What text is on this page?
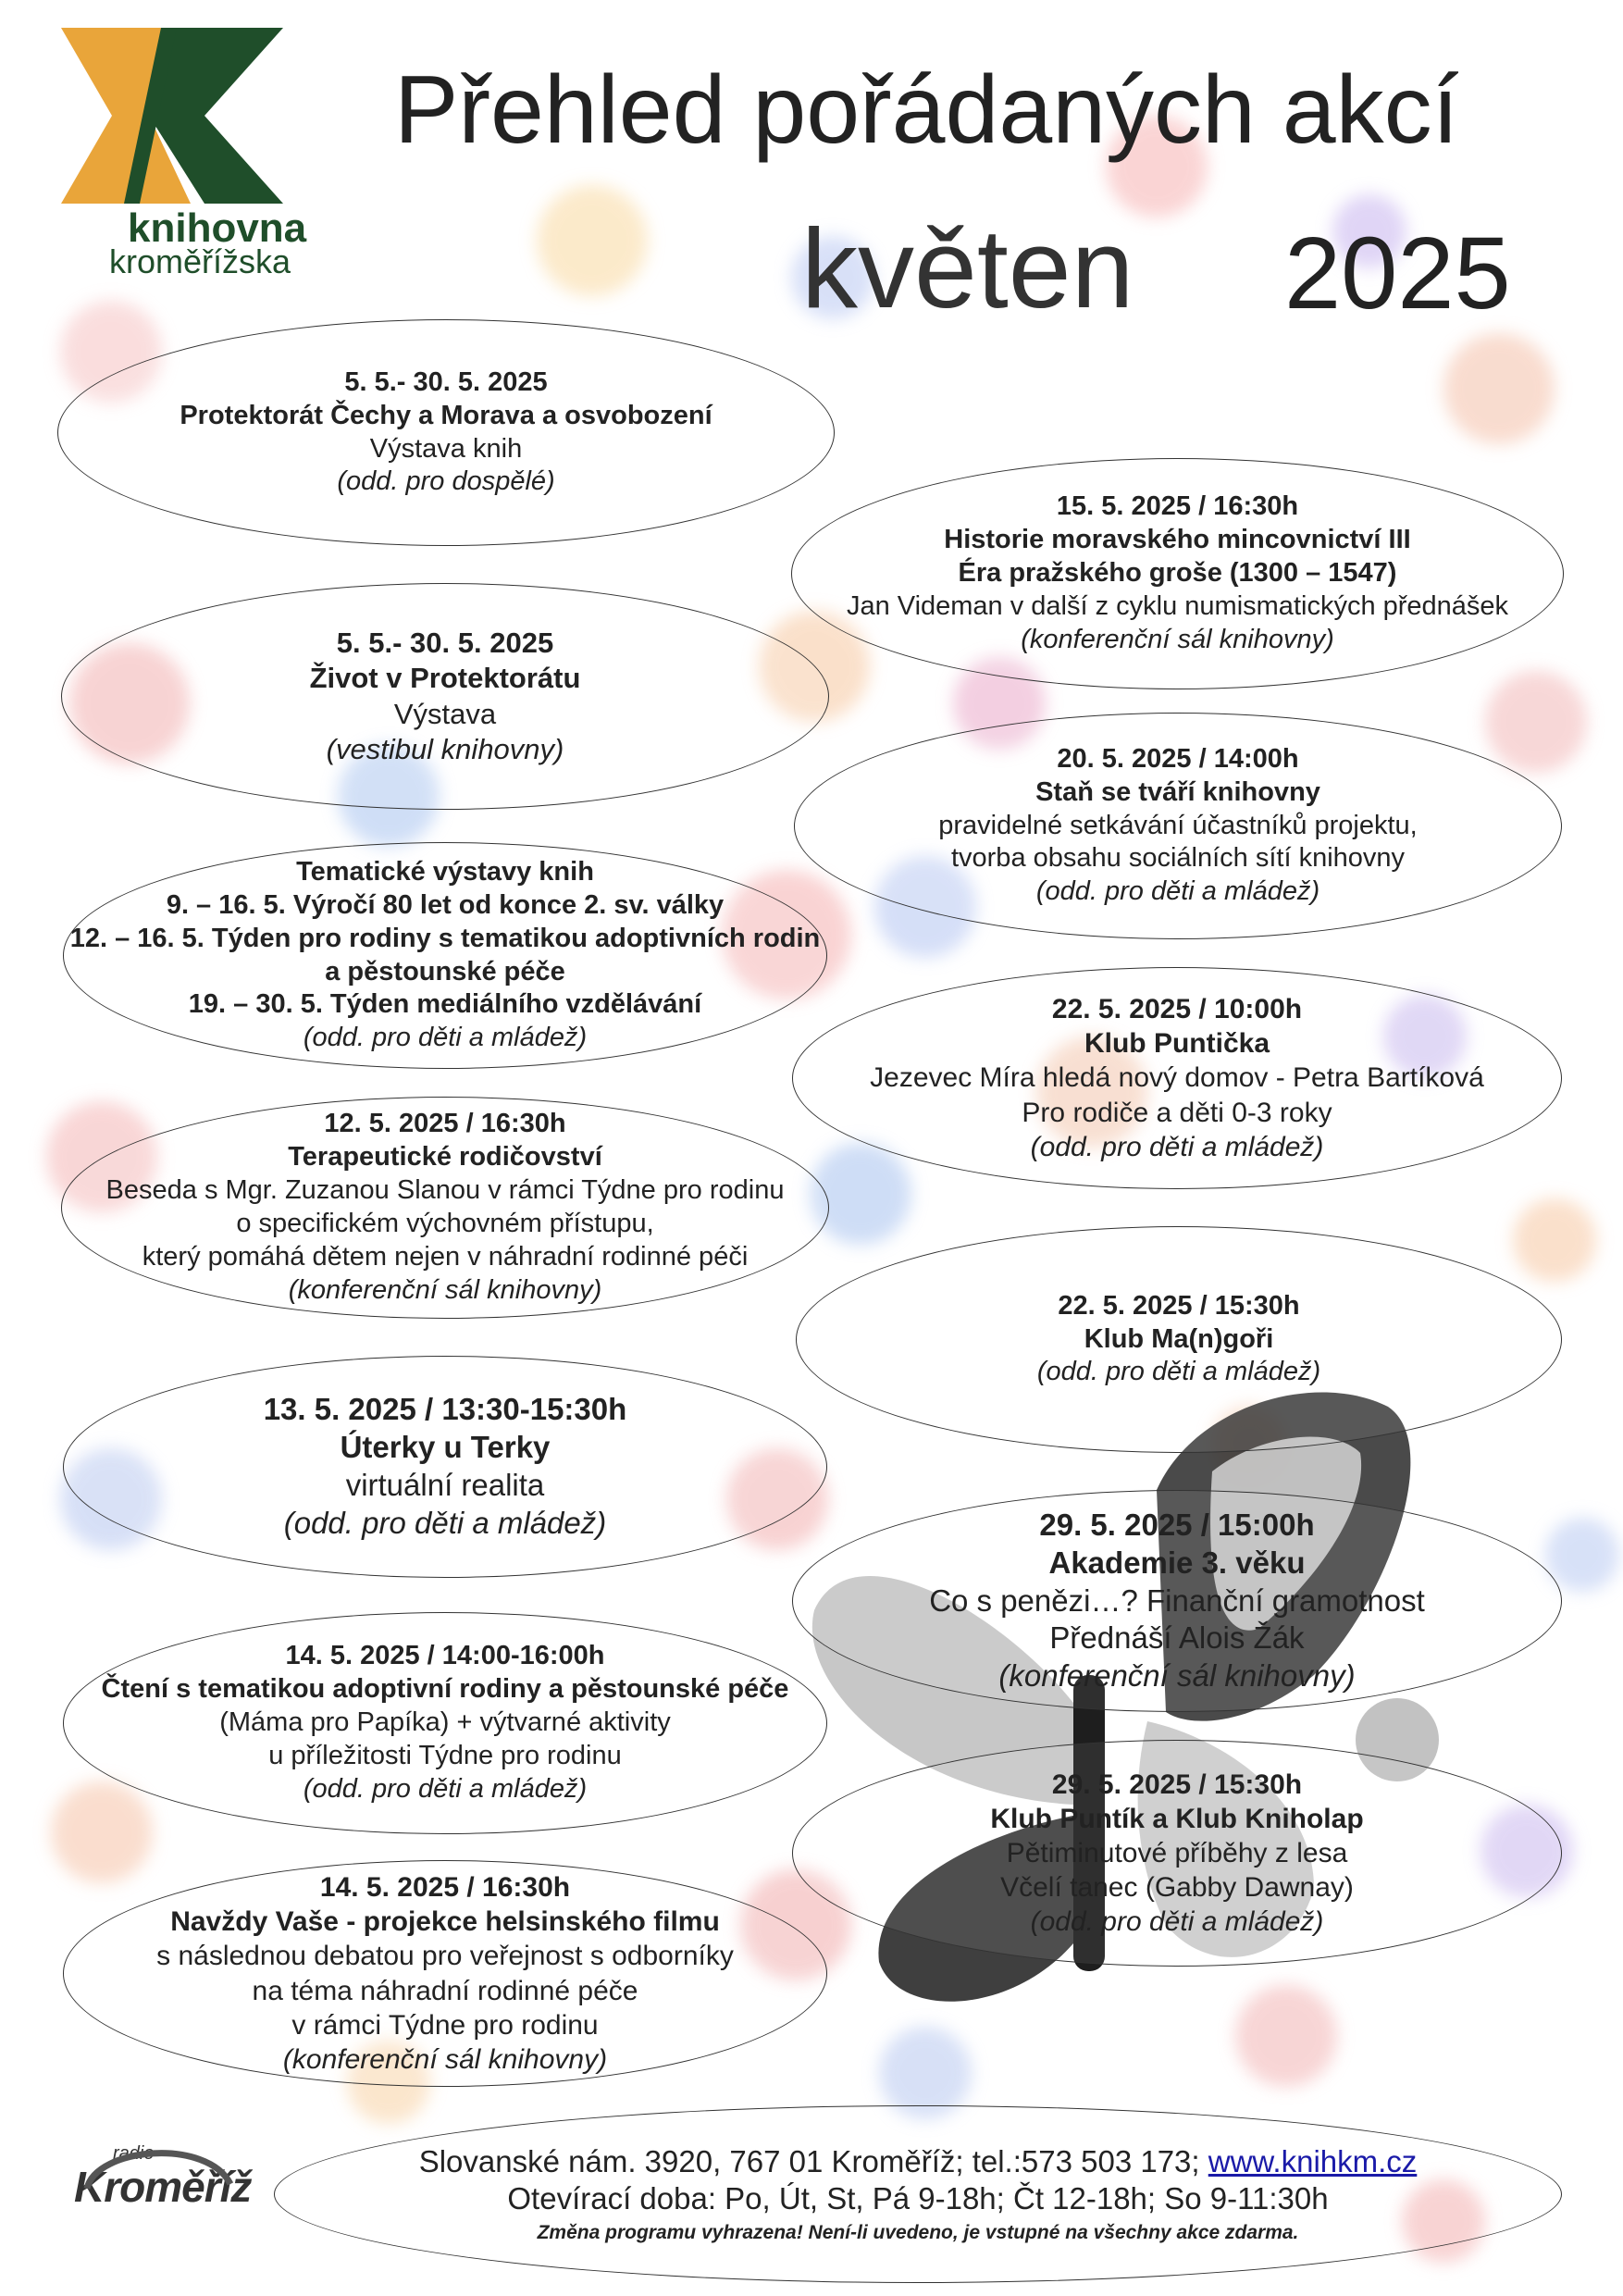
knihovna
kroměřížska
Přehled pořádaných akcí
květen 2025
5. 5.- 30. 5. 2025
Protektorát Čechy a Morava a osvobození
Výstava knih
(odd. pro dospělé)
5. 5.- 30. 5. 2025
Život v Protektorátu
Výstava
(vestibul knihovny)
Tematické výstavy knih
9. – 16. 5. Výročí 80 let od konce 2. sv. války
12. – 16. 5. Týden pro rodiny s tematikou adoptivních rodin
a pěstounské péče
19. – 30. 5. Týden mediálního vzdělávání
(odd. pro děti a mládež)
12. 5. 2025 / 16:30h
Terapeutické rodičovství
Beseda s Mgr. Zuzanou Slanou v rámci Týdne pro rodinu
o specifickém výchovném přístupu,
který pomáhá dětem nejen v náhradní rodinné péči
(konferenční sál knihovny)
13. 5. 2025 / 13:30-15:30h
Úterky u Terky
virtuální realita
(odd. pro děti a mládež)
14. 5. 2025 / 14:00-16:00h
Čtení s tematikou adoptivní rodiny a pěstounské péče
(Máma pro Papíka) + výtvarné aktivity
u příležitosti Týdne pro rodinu
(odd. pro děti a mládež)
14. 5. 2025 / 16:30h
Navždy Vaše - projekce helsinského filmu
s následnou debatou pro veřejnost s odborníky
na téma náhradní rodinné péče
v rámci Týdne pro rodinu
(konferenční sál knihovny)
15. 5. 2025 / 16:30h
Historie moravského mincovnictví III
Éra pražského groše (1300 – 1547)
Jan Videman v další z cyklu numismatických přednášek
(konferenční sál knihovny)
20. 5. 2025 / 14:00h
Staň se tváří knihovny
pravidelné setkávání účastníků projektu,
tvorba obsahu sociálních sítí knihovny
(odd. pro děti a mládež)
22. 5. 2025 / 10:00h
Klub Puntička
Jezevec Míra hledá nový domov - Petra Bartíková
Pro rodiče a děti 0-3 roky
(odd. pro děti a mládež)
22. 5. 2025 / 15:30h
Klub Ma(n)goři
(odd. pro děti a mládež)
29. 5. 2025 / 15:00h
Akademie 3. věku
Co s penězi…? Finanční gramotnost
Přednáší Alois Žák
(konferenční sál knihovny)
29. 5. 2025 / 15:30h
Klub Puntík a Klub Kniholap
Pětiminutové příběhy z lesa
Včelí tanec (Gabby Dawnay)
(odd. pro děti a mládež)
radio
Kroměříž
Slovanské nám. 3920, 767 01 Kroměříž; tel.:573 503 173; www.knihkm.cz
Otevírací doba: Po, Út, St, Pá 9-18h; Čt 12-18h; So 9-11:30h
Změna programu vyhrazena! Není-li uvedeno, je vstupné na všechny akce zdarma.
